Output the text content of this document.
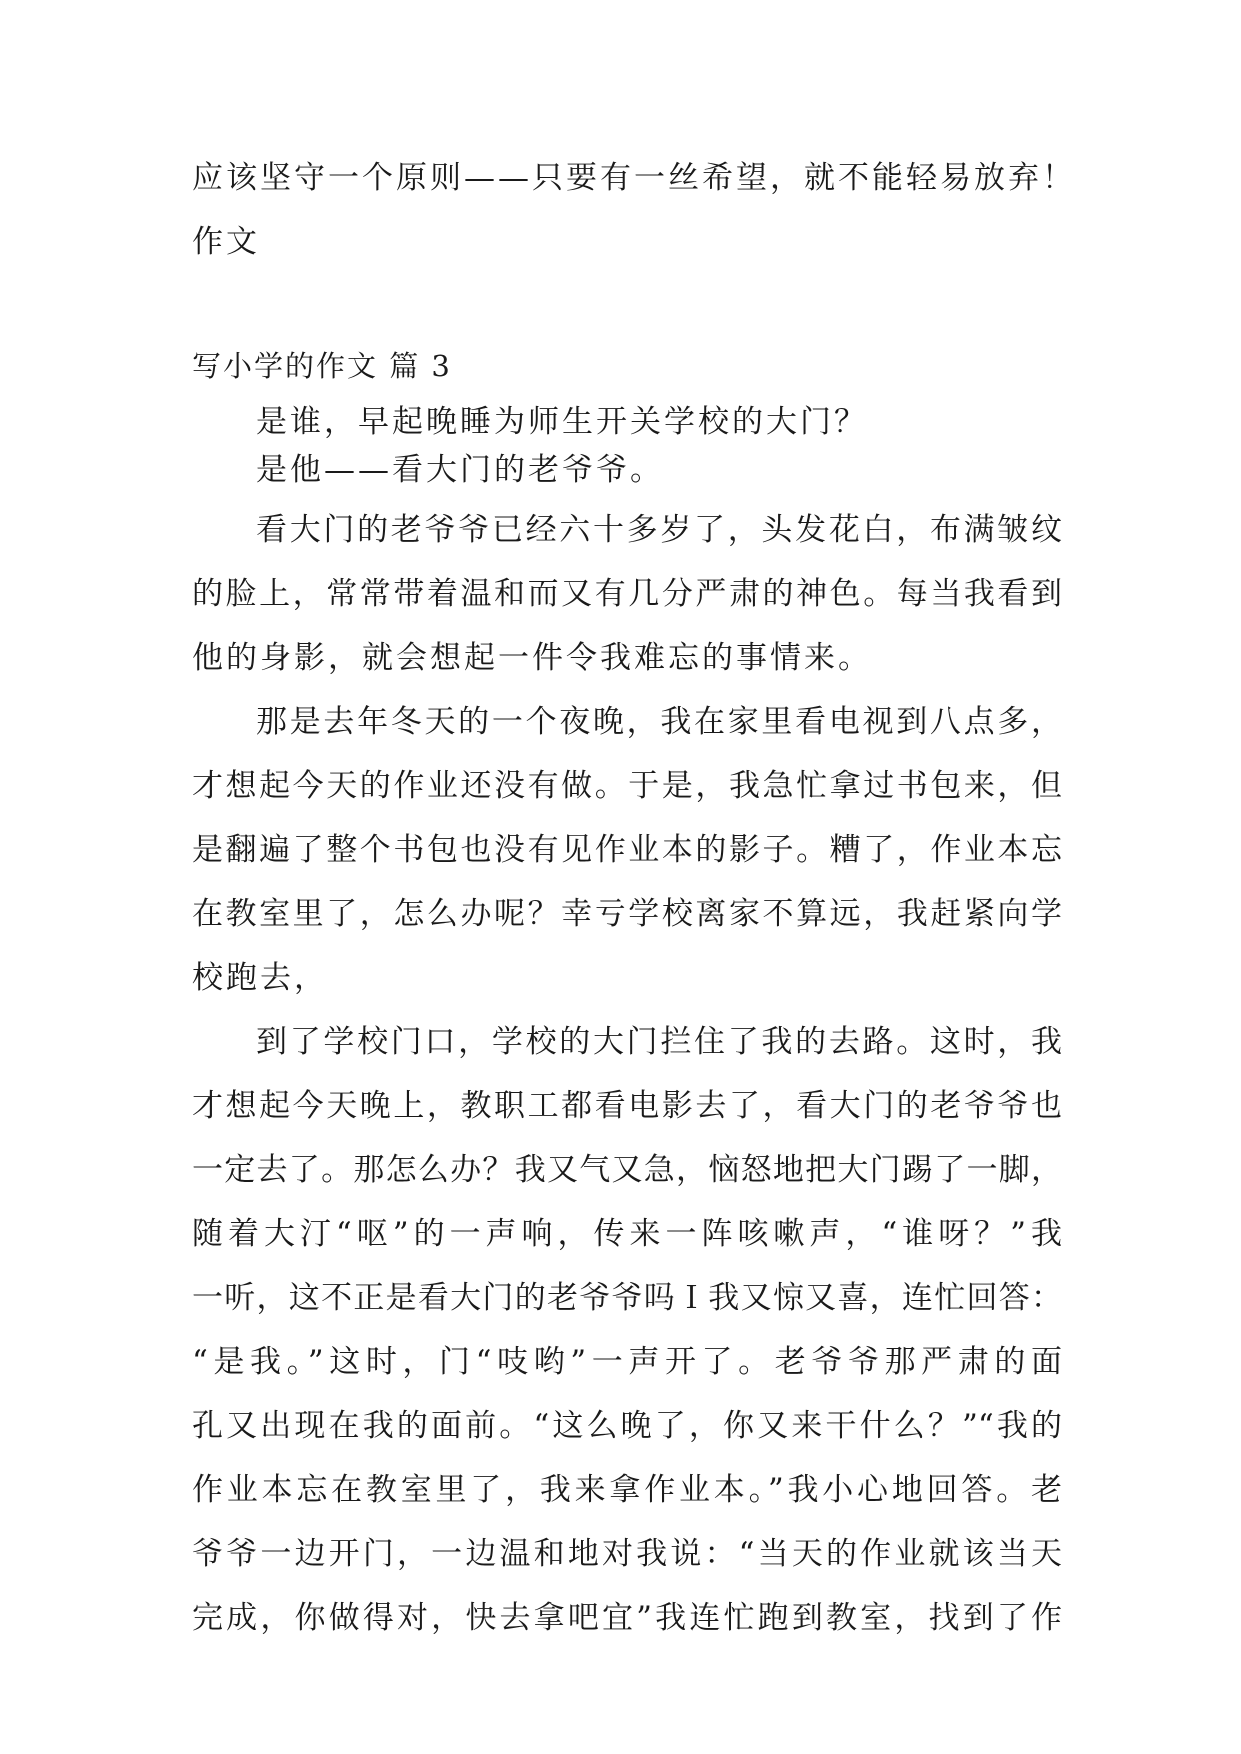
应该坚守一个原则——只要有一丝希望，就不能轻易放弃！

作文

写小学的作文 篇 3

是谁，早起晚睡为师生开关学校的大门？

是他——看大门的老爷爷。

看大门的老爷爷已经六十多岁了，头发花白，布满皱纹

的脸上，常常带着温和而又有几分严肃的神色。每当我看到

他的身影，就会想起一件令我难忘的事情来。

那是去年冬天的一个夜晚，我在家里看电视到八点多，

才想起今天的作业还没有做。于是，我急忙拿过书包来，但

是翻遍了整个书包也没有见作业本的影子。糟了，作业本忘

在教室里了，怎么办呢？幸亏学校离家不算远，我赶紧向学

校跑去，

到了学校门口，学校的大门拦住了我的去路。这时，我

才想起今天晚上，教职工都看电影去了，看大门的老爷爷也

一定去了。那怎么办？我又气又急，恼怒地把大门踢了一脚，

随着大汀“呕”的一声响，传来一阵咳嗽声，“谁呀？”我

一听，这不正是看大门的老爷爷吗Ｉ我又惊又喜，连忙回答：

“是我。”这时，门“吱哟”一声开了。老爷爷那严肃的面

孔又出现在我的面前。“这么晚了，你又来干什么？”“我的

作业本忘在教室里了，我来拿作业本。”我小心地回答。老

爷爷一边开门，一边温和地对我说：“当天的作业就该当天

完成，你做得对，快去拿吧宜”我连忙跑到教室，找到了作
